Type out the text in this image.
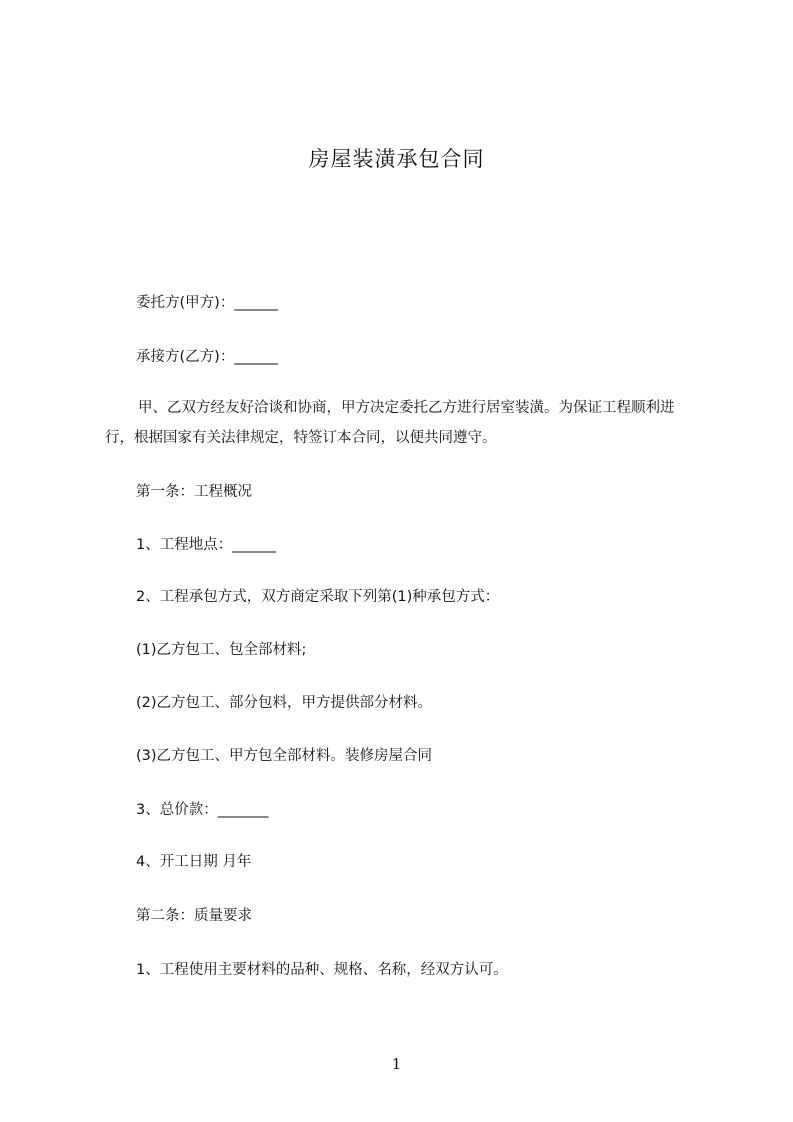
房屋装潢承包合同
委托方(甲方)：______
承接方(乙方)：______
甲、乙双方经友好洽谈和协商，甲方决定委托乙方进行居室装潢。为保证工程顺利进行，根据国家有关法律规定，特签订本合同，以便共同遵守。
第一条：工程概况
1、工程地点：______
2、工程承包方式，双方商定采取下列第(1)种承包方式：
(1)乙方包工、包全部材料;
(2)乙方包工、部分包料，甲方提供部分材料。
(3)乙方包工、甲方包全部材料。装修房屋合同
3、总价款：_______
4、开工日期 月年
第二条：质量要求
1、工程使用主要材料的品种、规格、名称，经双方认可。
1
